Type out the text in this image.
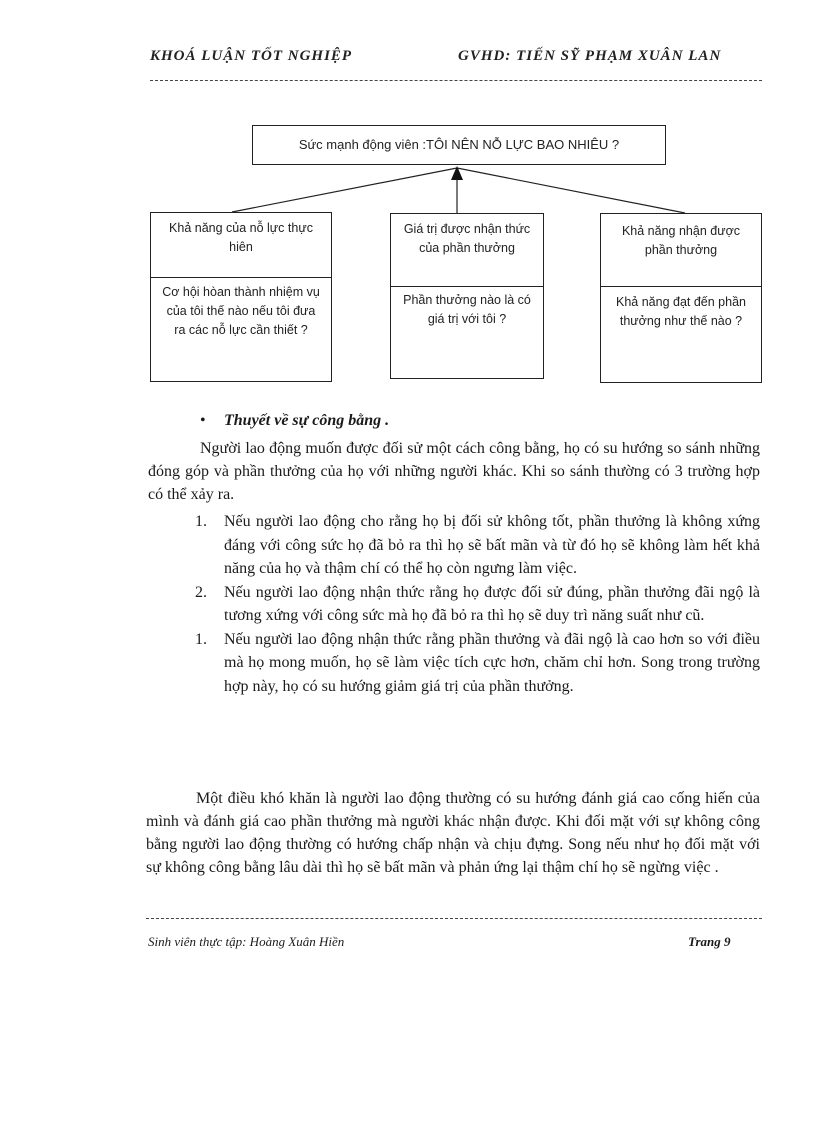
KHOÁ LUẬN TỐT NGHIỆP	GVHD: TIẾN SỸ PHẠM XUÂN LAN
Sức mạnh động viên :TÔI NÊN NỖ LỰC BAO NHIÊU ?
Khả năng của nỗ lực thực hiên
Cơ hội hòan thành nhiệm vụ của tôi thế nào nếu tôi đưa ra các nỗ lực cần thiết ?
Giá trị được nhận thức của phần thưởng
Phần thưởng nào là có giá trị với tôi ?
Khả năng nhận được phần thưởng
Khả năng đạt đến phần thưởng như thế nào ?
• Thuyết về sự công bằng .
Người lao động muốn được đối sử một cách công bằng, họ có su hướng so sánh những đóng góp và phần thưởng của họ với những người khác. Khi so sánh thường có 3 trường hợp có thể xảy ra.
1.	Nếu người lao động cho rằng họ bị đối sử không tốt, phần thưởng là không xứng đáng với công sức họ đã bỏ ra thì họ sẽ bất mãn và từ đó họ sẽ không làm hết khả năng của họ và thậm chí có thể họ còn ngưng làm việc.
2.	Nếu người lao động nhận thức rằng họ được đối sử đúng, phần thưởng đãi ngộ là tương xứng với công sức mà họ đã bỏ ra thì họ sẽ duy trì năng suất như cũ.
1.	Nếu người lao động nhận thức rằng phần thưởng và đãi ngộ là cao hơn so với điều mà họ mong muốn, họ sẽ làm việc tích cực hơn, chăm chỉ hơn. Song trong trường hợp này, họ có su hướng giảm giá trị của phần thưởng.
Một điều khó khăn là người lao động thường có su hướng đánh giá cao cống hiến của mình và đánh giá cao phần thưởng mà người khác nhận được. Khi đối mặt với sự không công bằng người lao động thường có hướng chấp nhận và chịu đựng. Song nếu như họ đối mặt với sự không công bằng lâu dài thì họ sẽ bất mãn và phản ứng lại thậm chí họ sẽ ngừng việc .
Sinh viên thực tập: Hoàng Xuân Hiền	Trang 9
